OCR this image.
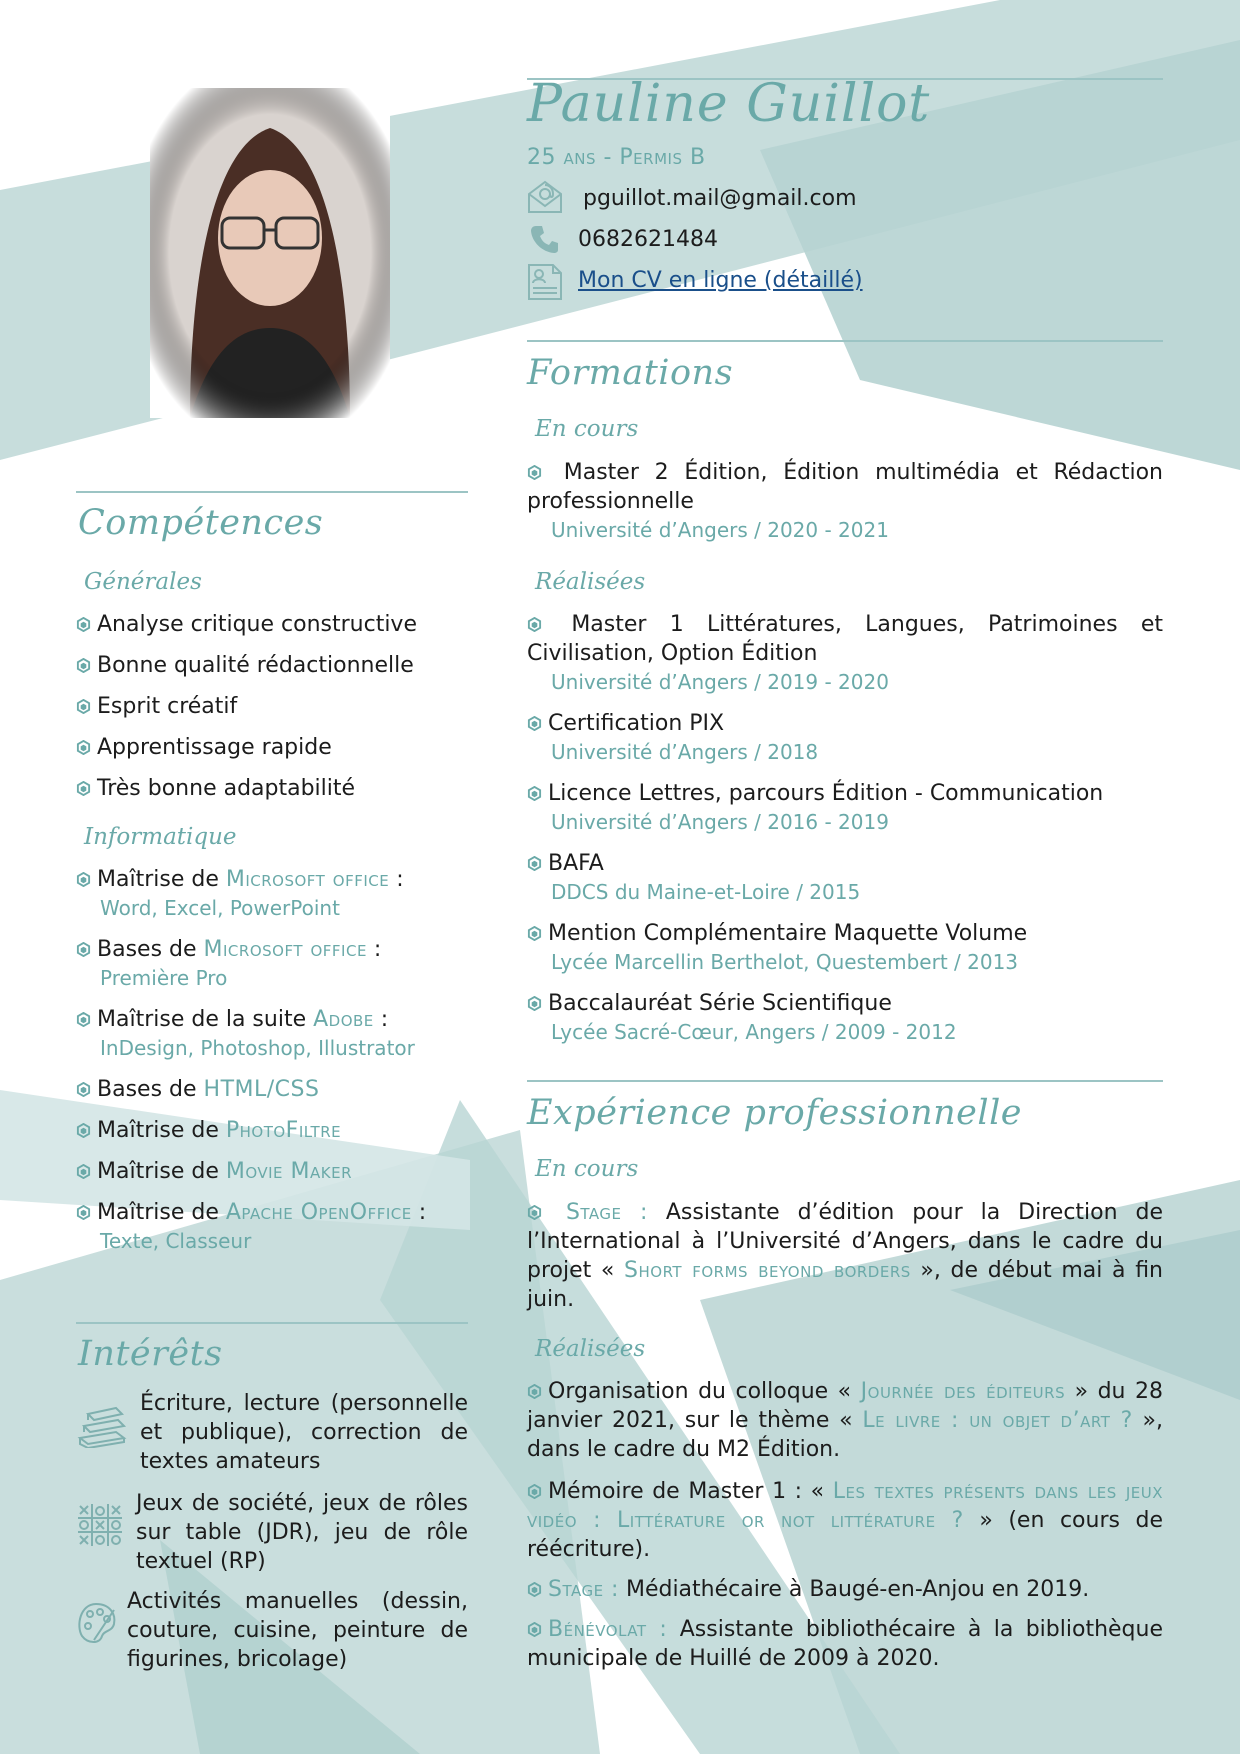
Compétences
Générales
Analyse critique constructive
Bonne qualité rédactionnelle
Esprit créatif
Apprentissage rapide
Très bonne adaptabilité
Informatique
Maîtrise de Microsoft office :
Word, Excel, PowerPoint
Bases de Microsoft office :
Première Pro
Maîtrise de la suite Adobe :
InDesign, Photoshop, Illustrator
Bases de HTML/CSS
Maîtrise de PhotoFiltre
Maîtrise de Movie Maker
Maîtrise de Apache OpenOffice :
Texte, Classeur
Intérêts
Écriture, lecture (personnelle et publique), correction de textes amateurs
Jeux de société, jeux de rôles sur table (JDR), jeu de rôle textuel (RP)
Activités manuelles (dessin, couture, cuisine, peinture de figurines, bricolage)
Pauline Guillot
25 ans - Permis B
pguillot.mail@gmail.com
0682621484
Mon CV en ligne (détaillé)
Formations
En cours
Master 2 Édition, Édition multimédia et Rédaction professionnelle
Université d’Angers / 2020 - 2021
Réalisées
Master 1 Littératures, Langues, Patrimoines et Civilisation, Option Édition
Université d’Angers / 2019 - 2020
Certification PIX
Université d’Angers / 2018
Licence Lettres, parcours Édition - Communication
Université d’Angers / 2016 - 2019
BAFA
DDCS du Maine-et-Loire / 2015
Mention Complémentaire Maquette Volume
Lycée Marcellin Berthelot, Questembert / 2013
Baccalauréat Série Scientifique
Lycée Sacré-Cœur, Angers / 2009 - 2012
Expérience professionnelle
En cours
Stage : Assistante d’édition pour la Direction de l’International à l’Université d’Angers, dans le cadre du projet « Short forms beyond borders », de début mai à fin juin.
Réalisées
Organisation du colloque « Journée des éditeurs » du 28 janvier 2021, sur le thème « Le livre : un objet d’art ? », dans le cadre du M2 Édition.
Mémoire de Master 1 : « Les textes présents dans les jeux vidéo : Littérature or not littérature ? » (en cours de réécriture).
Stage : Médiathécaire à Baugé-en-Anjou en 2019.
Bénévolat : Assistante bibliothécaire à la bibliothèque municipale de Huillé de 2009 à 2020.
